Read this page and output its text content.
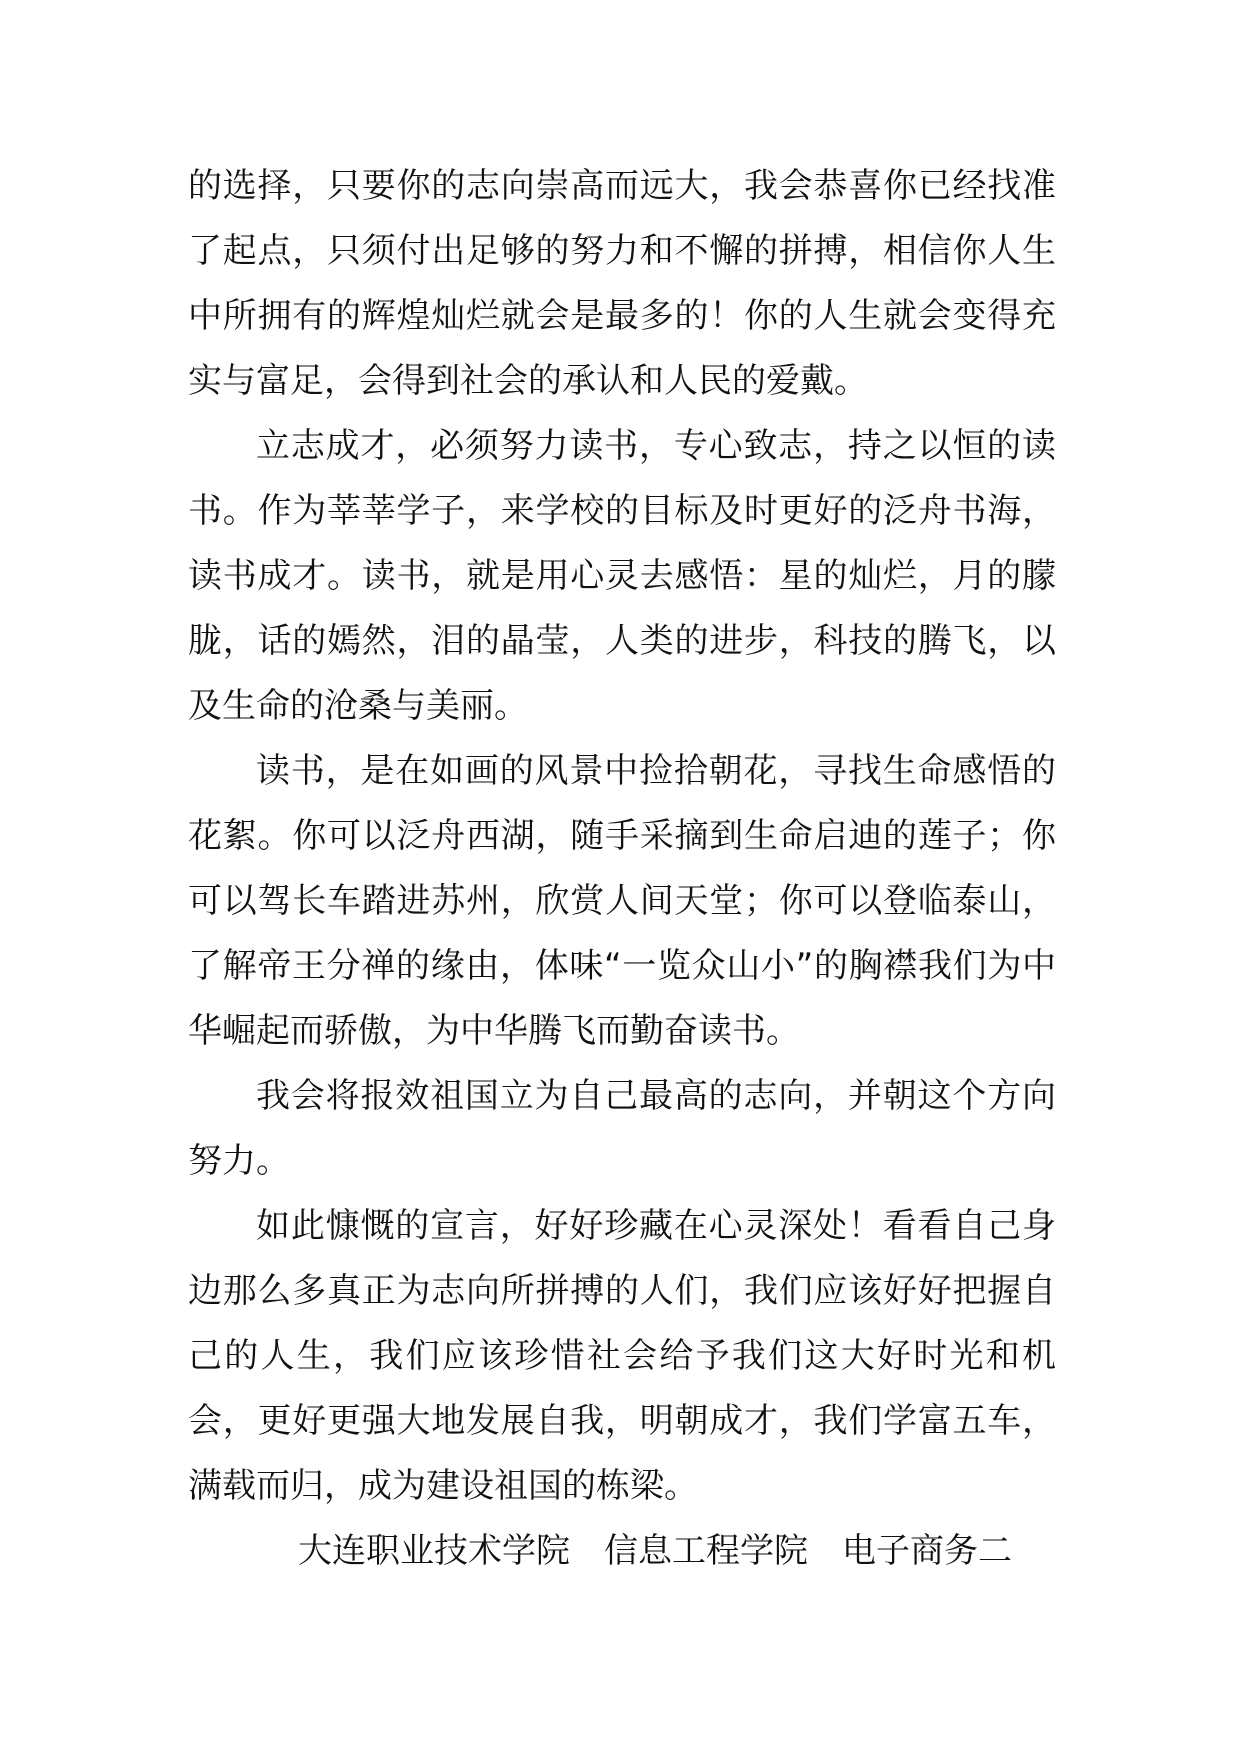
的选择，只要你的志向崇高而远大，我会恭喜你已经找准了起点，只须付出足够的努力和不懈的拼搏，相信你人生中所拥有的辉煌灿烂就会是最多的！你的人生就会变得充实与富足，会得到社会的承认和人民的爱戴。

立志成才，必须努力读书，专心致志，持之以恒的读书。作为莘莘学子，来学校的目标及时更好的泛舟书海，读书成才。读书，就是用心灵去感悟：星的灿烂，月的朦胧，话的嫣然，泪的晶莹，人类的进步，科技的腾飞，以及生命的沧桑与美丽。

读书，是在如画的风景中捡拾朝花，寻找生命感悟的花絮。你可以泛舟西湖，随手采摘到生命启迪的莲子；你可以驾长车踏进苏州，欣赏人间天堂；你可以登临泰山，了解帝王分禅的缘由，体味“一览众山小”的胸襟我们为中华崛起而骄傲，为中华腾飞而勤奋读书。

我会将报效祖国立为自己最高的志向，并朝这个方向努力。

如此慷慨的宣言，好好珍藏在心灵深处！看看自己身边那么多真正为志向所拼搏的人们，我们应该好好把握自己的人生，我们应该珍惜社会给予我们这大好时光和机会，更好更强大地发展自我，明朝成才，我们学富五车，满载而归，成为建设祖国的栋梁。

大连职业技术学院　信息工程学院　电子商务二
